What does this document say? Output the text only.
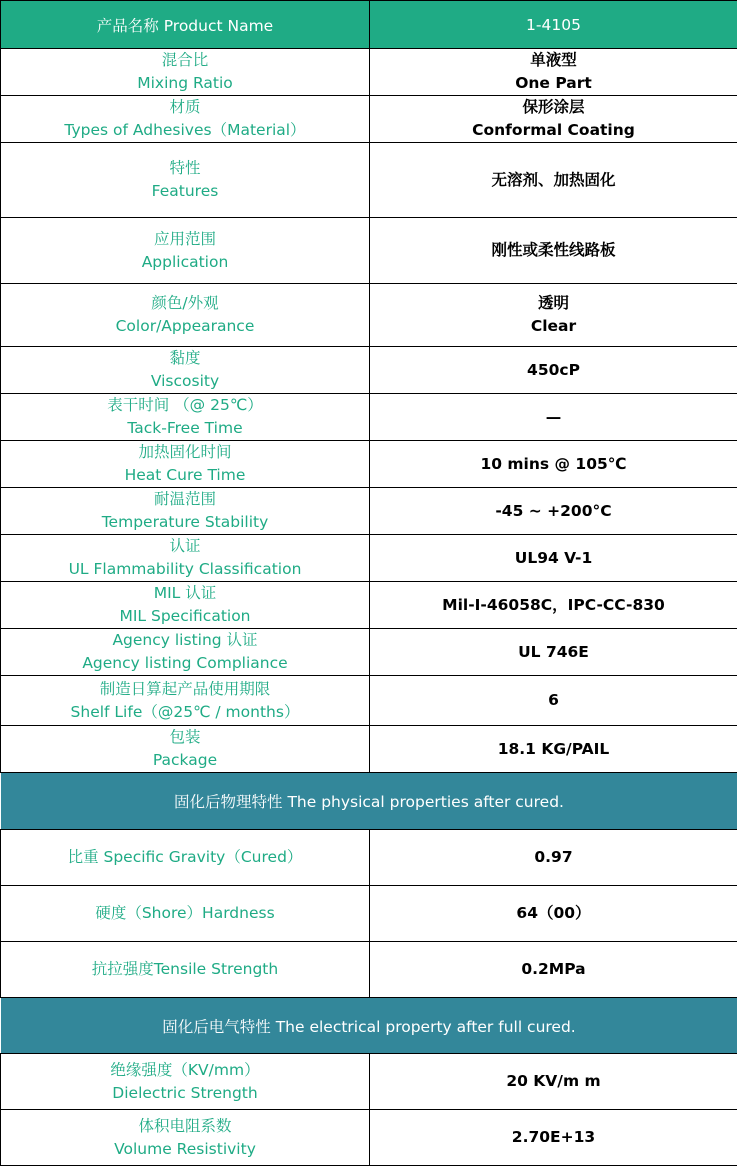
产品名称 Product Name	1-4105

混合比
Mixing Ratio	单液型
One Part

材质
Types of Adhesives（Material）	保形涂层
Conformal Coating

特性
Features	无溶剂、加热固化

应用范围
Application	刚性或柔性线路板

颜色/外观
Color/Appearance	透明
Clear

黏度
Viscosity	450cP

表干时间 （@ 25℃）
Tack-Free Time	—

加热固化时间
Heat Cure Time	10 mins @ 105℃

耐温范围
Temperature Stability	-45 ~ +200°C

认证
UL Flammability Classification	UL94 V-1

MIL 认证
MIL Specification	Mil-I-46058C，IPC-CC-830

Agency listing 认证
Agency listing Compliance	UL 746E

制造日算起产品使用期限
Shelf Life（@25℃ / months）	6

包装
Package	18.1 KG/PAIL

固化后物理特性 The physical properties after cured.	
比重 Specific Gravity（Cured）	0.97
硬度（Shore）Hardness	64（00）
抗拉强度Tensile Strength	0.2MPa
固化后电气特性 The electrical property after full cured.	

绝缘强度（KV/mm）
Dielectric Strength	20 KV/m m

体积电阻系数
Volume Resistivity	2.70E+13
